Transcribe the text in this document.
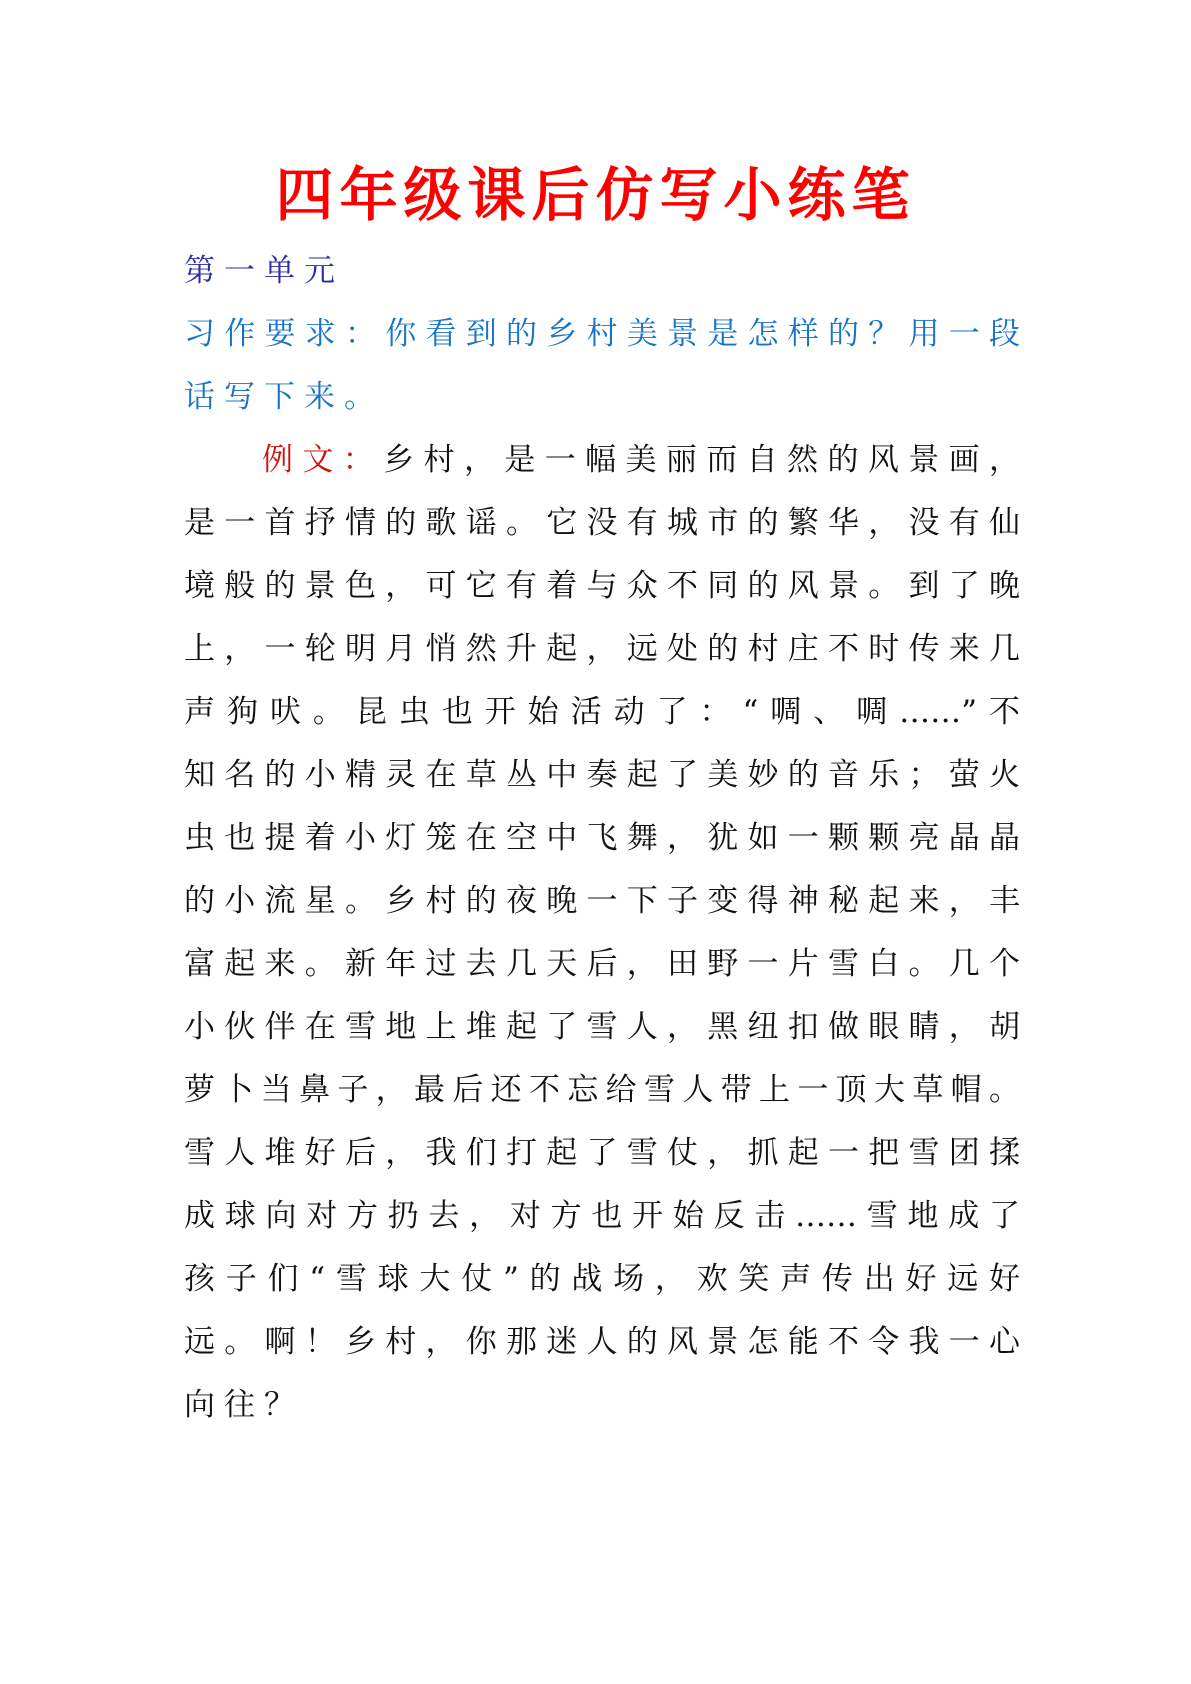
四年级课后仿写小练笔
第一单元
习作要求：你看到的乡村美景是怎样的？用一段
话写下来。
例文：乡村，是一幅美丽而自然的风景画，
是一首抒情的歌谣。它没有城市的繁华，没有仙
境般的景色，可它有着与众不同的风景。到了晚
上，一轮明月悄然升起，远处的村庄不时传来几
声狗吠。昆虫也开始活动了：“啁、啁……”不
知名的小精灵在草丛中奏起了美妙的音乐；萤火
虫也提着小灯笼在空中飞舞，犹如一颗颗亮晶晶
的小流星。乡村的夜晚一下子变得神秘起来，丰
富起来。新年过去几天后，田野一片雪白。几个
小伙伴在雪地上堆起了雪人，黑纽扣做眼睛，胡
萝卜当鼻子，最后还不忘给雪人带上一顶大草帽。
雪人堆好后，我们打起了雪仗，抓起一把雪团揉
成球向对方扔去，对方也开始反击……雪地成了
孩子们“雪球大仗”的战场，欢笑声传出好远好
远。啊！乡村，你那迷人的风景怎能不令我一心
向往？
